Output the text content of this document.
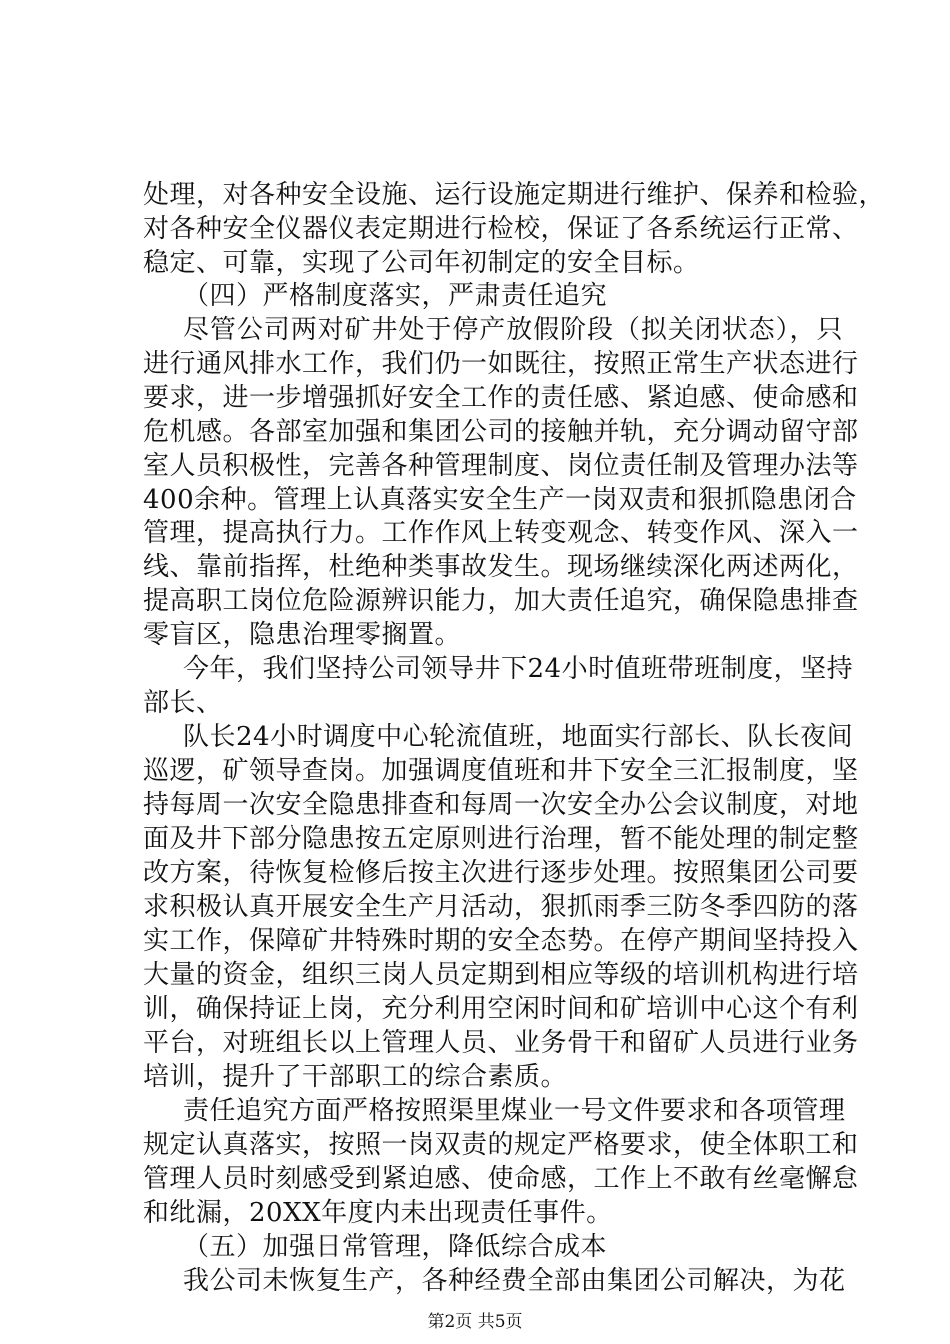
处理，对各种安全设施、运行设施定期进行维护、保养和检验，
对各种安全仪器仪表定期进行检校，保证了各系统运行正常、
稳定、可靠，实现了公司年初制定的安全目标。
（四）严格制度落实，严肃责任追究
尽管公司两对矿井处于停产放假阶段（拟关闭状态），只
进行通风排水工作，我们仍一如既往，按照正常生产状态进行
要求，进一步增强抓好安全工作的责任感、紧迫感、使命感和
危机感。各部室加强和集团公司的接触并轨，充分调动留守部
室人员积极性，完善各种管理制度、岗位责任制及管理办法等
400余种。管理上认真落实安全生产一岗双责和狠抓隐患闭合
管理，提高执行力。工作作风上转变观念、转变作风、深入一
线、靠前指挥，杜绝种类事故发生。现场继续深化两述两化，
提高职工岗位危险源辨识能力，加大责任追究，确保隐患排查
零盲区，隐患治理零搁置。
今年，我们坚持公司领导井下24小时值班带班制度，坚持
部长、
队长24小时调度中心轮流值班，地面实行部长、队长夜间
巡逻，矿领导查岗。加强调度值班和井下安全三汇报制度，坚
持每周一次安全隐患排查和每周一次安全办公会议制度，对地
面及井下部分隐患按五定原则进行治理，暂不能处理的制定整
改方案，待恢复检修后按主次进行逐步处理。按照集团公司要
求积极认真开展安全生产月活动，狠抓雨季三防冬季四防的落
实工作，保障矿井特殊时期的安全态势。在停产期间坚持投入
大量的资金，组织三岗人员定期到相应等级的培训机构进行培
训，确保持证上岗，充分利用空闲时间和矿培训中心这个有利
平台，对班组长以上管理人员、业务骨干和留矿人员进行业务
培训，提升了干部职工的综合素质。
责任追究方面严格按照渠里煤业一号文件要求和各项管理
规定认真落实，按照一岗双责的规定严格要求，使全体职工和
管理人员时刻感受到紧迫感、使命感，工作上不敢有丝毫懈怠
和纰漏，20XX年度内未出现责任事件。
（五）加强日常管理，降低综合成本
我公司未恢复生产，各种经费全部由集团公司解决，为花
第2页 共5页
